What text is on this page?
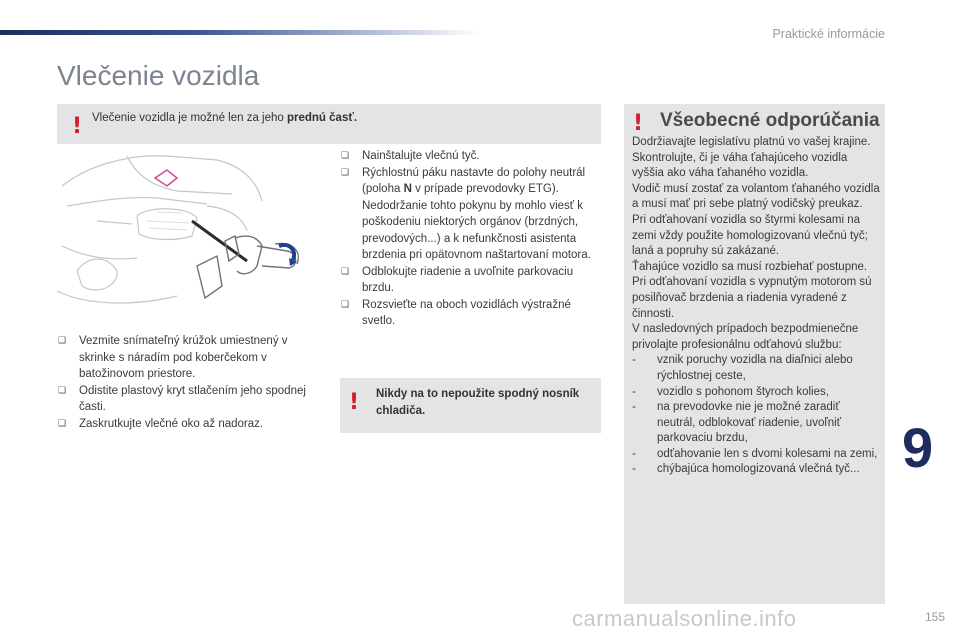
Praktické informácie
Vlečenie vozidla
! Vlečenie vozidla je možné len za jeho prednú časť.
❑ Vezmite snímateľný krúžok umiestnený v skrinke s náradím pod koberčekom v batožinovom priestore.
❑ Odistite plastový kryt stlačením jeho spodnej časti.
❑ Zaskrutkujte vlečné oko až nadoraz.
❑ Nainštalujte vlečnú tyč.
❑ Rýchlostnú páku nastavte do polohy neutrál (poloha N v prípade prevodovky ETG).
Nedodržanie tohto pokynu by mohlo viesť k poškodeniu niektorých orgánov (brzdných, prevodových...) a k nefunkčnosti asistenta brzdenia pri opätovnom naštartovaní motora.
❑ Odblokujte riadenie a uvoľnite parkovaciu brzdu.
❑ Rozsvieťte na oboch vozidlách výstražné svetlo.
! Nikdy na to nepoužite spodný nosník chladiča.
! Všeobecné odporúčania

Dodržiavajte legislatívu platnú vo vašej krajine.

Skontrolujte, či je váha ťahajúceho vozidla vyššia ako váha ťahaného vozidla.

Vodič musí zostať za volantom ťahaného vozidla a musí mať pri sebe platný vodičský preukaz.

Pri odťahovaní vozidla so štyrmi kolesami na zemi vždy použite homologizovanú vlečnú tyč; laná a popruhy sú zakázané.

Ťahajúce vozidlo sa musí rozbiehať postupne.

Pri odťahovaní vozidla s vypnutým motorom sú posilňovač brzdenia a riadenia vyradené z činnosti.

V nasledovných prípadoch bezpodmienečne privolajte profesionálnu odťahovú službu:

- vznik poruchy vozidla na diaľnici alebo rýchlostnej ceste,

- vozidlo s pohonom štyroch kolies,

- na prevodovke nie je možné zaradiť neutrál, odblokovať riadenie, uvoľniť parkovaciu brzdu,

- odťahovanie len s dvomi kolesami na zemi,

- chýbajúca homologizovaná vlečná tyč... 9
155
carmanualsonline.info
